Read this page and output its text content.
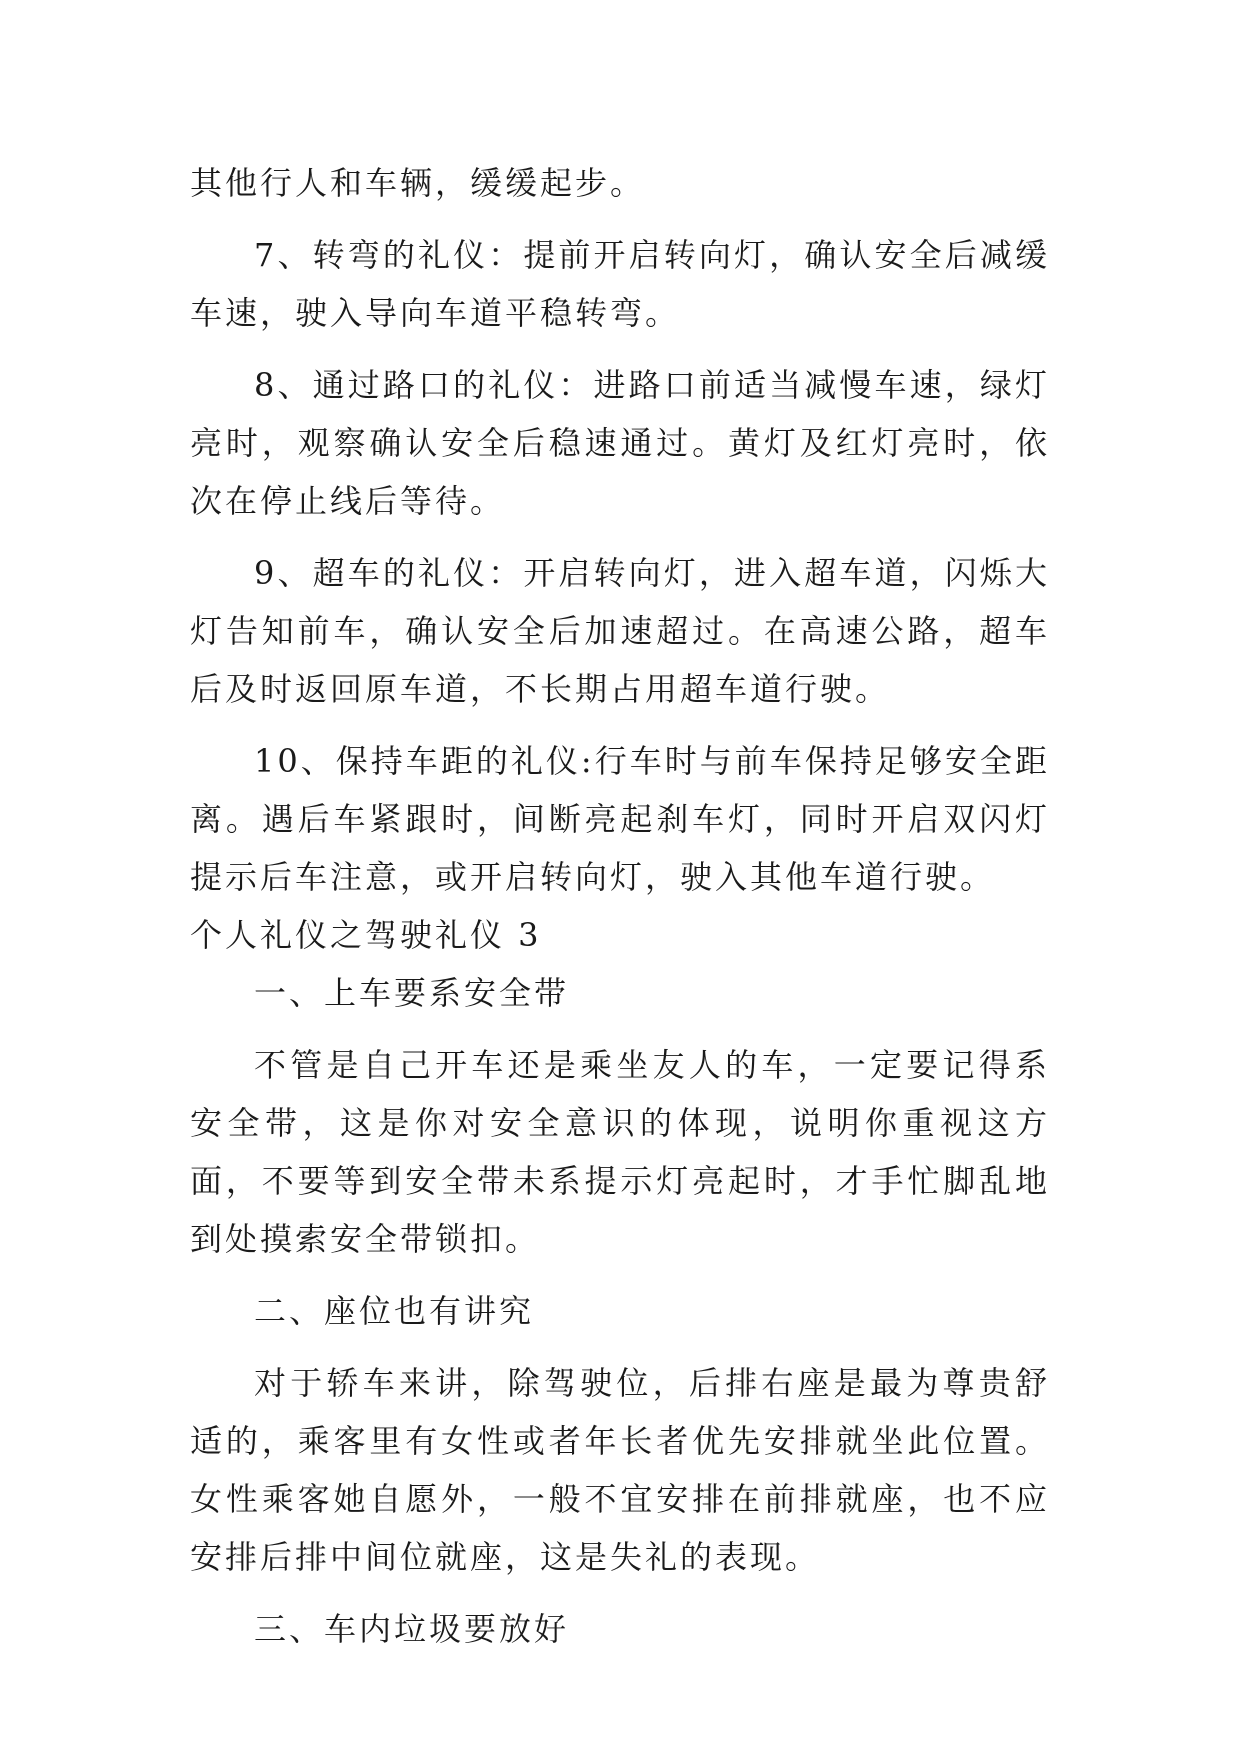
其他行人和车辆，缓缓起步。

7、转弯的礼仪：提前开启转向灯，确认安全后减缓车速，驶入导向车道平稳转弯。

8、通过路口的礼仪：进路口前适当减慢车速，绿灯亮时，观察确认安全后稳速通过。黄灯及红灯亮时，依次在停止线后等待。

9、超车的礼仪：开启转向灯，进入超车道，闪烁大灯告知前车，确认安全后加速超过。在高速公路，超车后及时返回原车道，不长期占用超车道行驶。

10、保持车距的礼仪:行车时与前车保持足够安全距离。遇后车紧跟时，间断亮起刹车灯，同时开启双闪灯提示后车注意，或开启转向灯，驶入其他车道行驶。

个人礼仪之驾驶礼仪 3

一、上车要系安全带

不管是自己开车还是乘坐友人的车，一定要记得系安全带，这是你对安全意识的体现，说明你重视这方面，不要等到安全带未系提示灯亮起时，才手忙脚乱地到处摸索安全带锁扣。

二、座位也有讲究

对于轿车来讲，除驾驶位，后排右座是最为尊贵舒适的，乘客里有女性或者年长者优先安排就坐此位置。女性乘客她自愿外，一般不宜安排在前排就座，也不应安排后排中间位就座，这是失礼的表现。

三、车内垃圾要放好
